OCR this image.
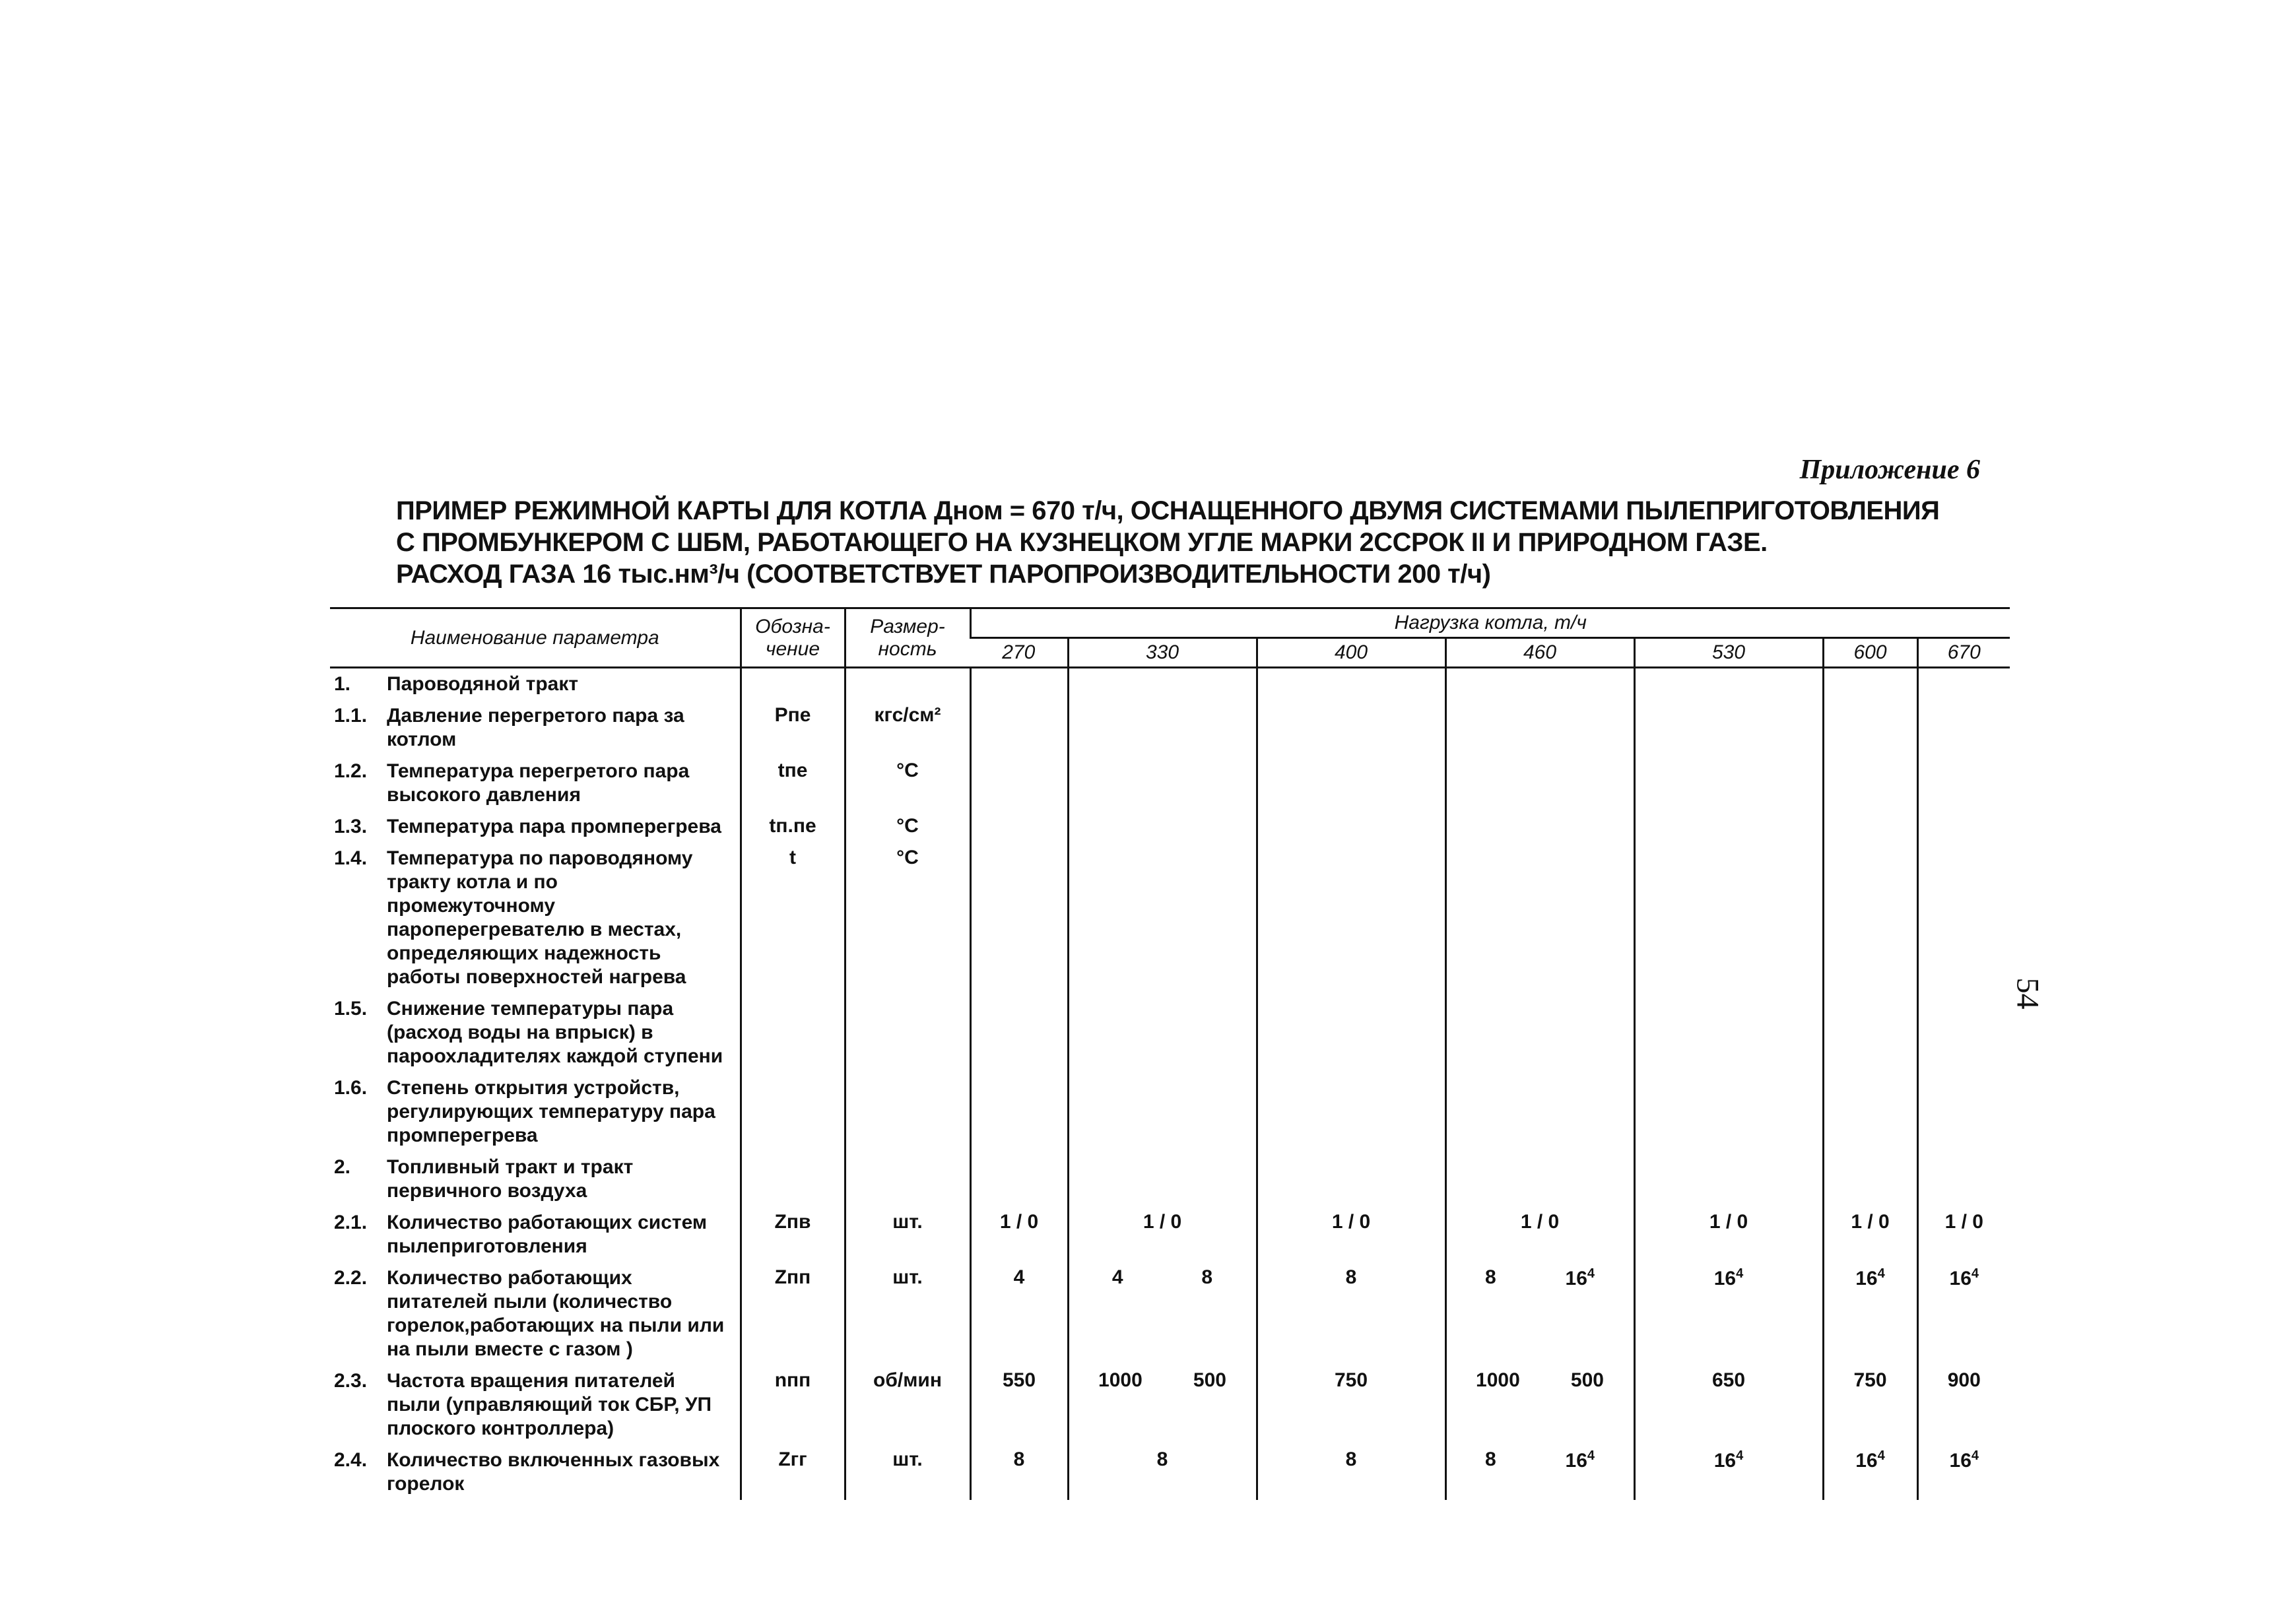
Приложение 6
ПРИМЕР РЕЖИМНОЙ КАРТЫ ДЛЯ КОТЛА Дном = 670 т/ч, ОСНАЩЕННОГО ДВУМЯ СИСТЕМАМИ ПЫЛЕПРИГОТОВЛЕНИЯ
С ПРОМБУНКЕРОМ С ШБМ, РАБОТАЮЩЕГО НА КУЗНЕЦКОМ УГЛЕ МАРКИ 2ССРОК II И ПРИРОДНОМ ГАЗЕ.
РАСХОД ГАЗА 16 тыс.нм³/ч (СООТВЕТСТВУЕТ ПАРОПРОИЗВОДИТЕЛЬНОСТИ 200 т/ч)
54
Наименование параметра	Обозна-чение	Размер-ность	Нагрузка котла, т/ч						
			270	330	400	460	530	600	670
1. Пароводяной тракт									
1.1. Давление перегретого пара за котлом	Pпе	кгс/см²							
1.2. Температура перегретого пара высокого давления	tпе	°С							
1.3. Температура пара промперегрева	tп.пе	°С							
1.4. Температура по пароводяному тракту котла и по промежуточному пароперегревателю в местах, определяющих надежность работы поверхностей нагрева	t	°С							
1.5. Снижение температуры пара (расход воды на впрыск) в пароохладителях каждой ступени									
1.6. Степень открытия устройств, регулирующих температуру пара промперегрева									
2. Топливный тракт и тракт первичного воздуха									
2.1. Количество работающих систем пылеприготовления	Zпв	шт.	1 / 0	1 / 0	1 / 0	1 / 0	1 / 0	1 / 0	1 / 0
2.2. Количество работающих питателей пыли (количество горелок,работающих на пыли или на пыли вместе с газом )	Zпп	шт.	4	4 8	8	8 $16^4$	$16^4$	$16^4$	$16^4$
2.3. Частота вращения питателей пыли (управляющий ток СБР, УП плоского контроллера)	nпп	об/мин	550	1000 500	750	1000 500	650	750	900
2.4. Количество включенных газовых горелок	Zгг	шт.	8	8	8	8 $16^4$	$16^4$	$16^4$	$16^4$
